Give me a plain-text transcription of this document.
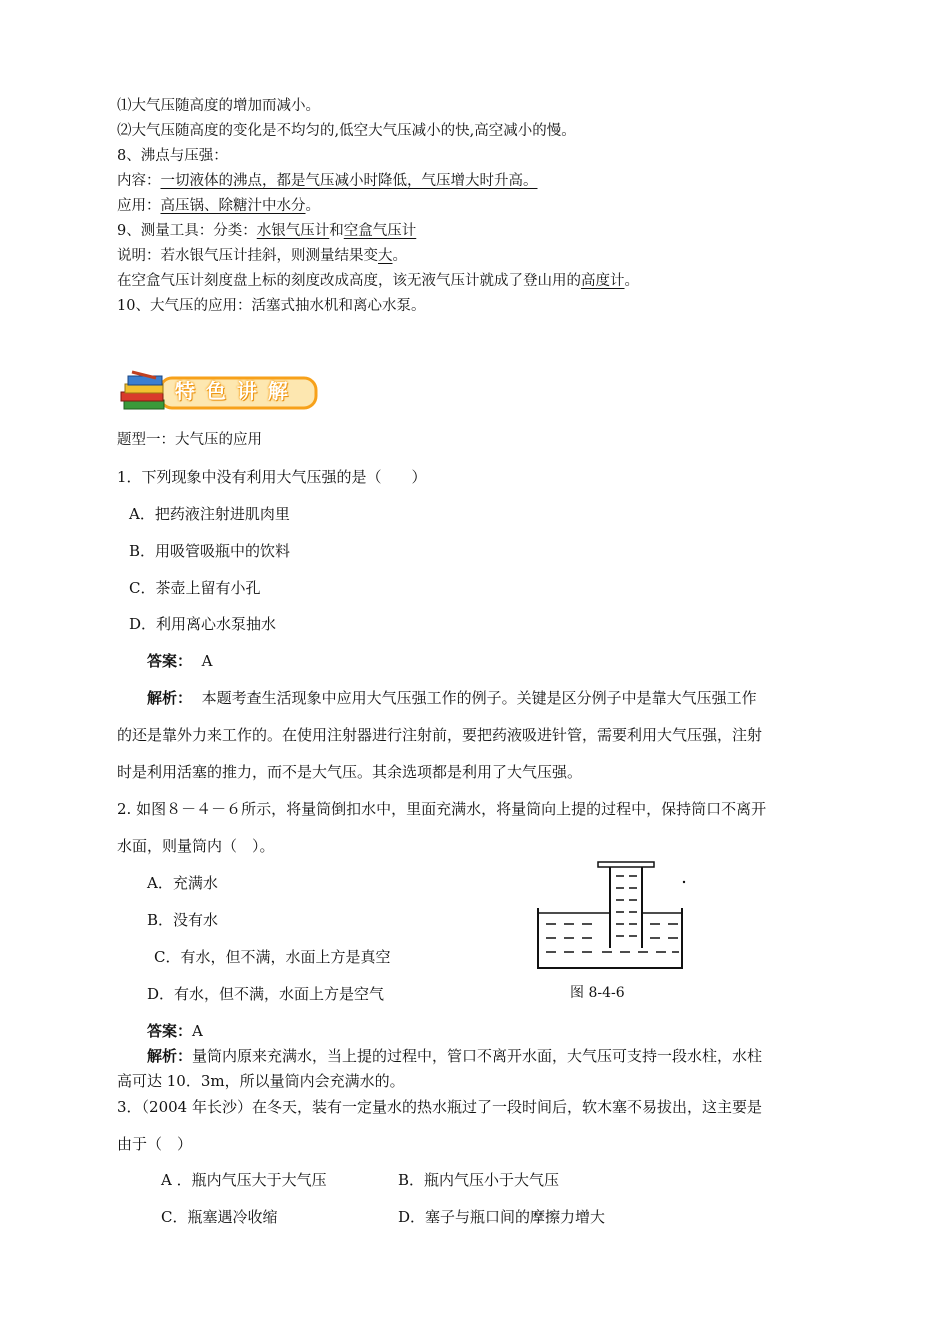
⑴大气压随高度的增加而减小。
⑵大气压随高度的变化是不均匀的,低空大气压减小的快,高空减小的慢。
8、沸点与压强：
内容：一切液体的沸点，都是气压减小时降低，气压增大时升高。
应用：高压锅、除糖汁中水分。
9、测量工具：分类：水银气压计和空盒气压计
说明：若水银气压计挂斜，则测量结果变大。
在空盒气压计刻度盘上标的刻度改成高度，该无液气压计就成了登山用的高度计。
10、大气压的应用：活塞式抽水机和离心水泵。
特 色 讲 解
题型一：大气压的应用
1．下列现象中没有利用大气压强的是（　　）
A．把药液注射进肌肉里
B．用吸管吸瓶中的饮料
C．茶壶上留有小孔
D．利用离心水泵抽水
答案： A
解析： 本题考查生活现象中应用大气压强工作的例子。关键是区分例子中是靠大气压强工作
的还是靠外力来工作的。在使用注射器进行注射前，要把药液吸进针管，需要利用大气压强，注射
时是利用活塞的推力，而不是大气压。其余选项都是利用了大气压强。
2. 如图８－４－６所示，将量筒倒扣水中，里面充满水，将量筒向上提的过程中，保持筒口不离开
水面，则量筒内（　）。
A．充满水
B．没有水
C．有水，但不满，水面上方是真空
D．有水，但不满，水面上方是空气	图 8-4-6
答案：A
解析：量筒内原来充满水，当上提的过程中，管口不离开水面，大气压可支持一段水柱，水柱
高可达 10．3m，所以量筒内会充满水的。
3．（2004 年长沙）在冬天，装有一定量水的热水瓶过了一段时间后，软木塞不易拔出，这主要是
由于（　）
A ．瓶内气压大于大气压	B．瓶内气压小于大气压
C．瓶塞遇冷收缩	D．塞子与瓶口间的摩擦力增大
